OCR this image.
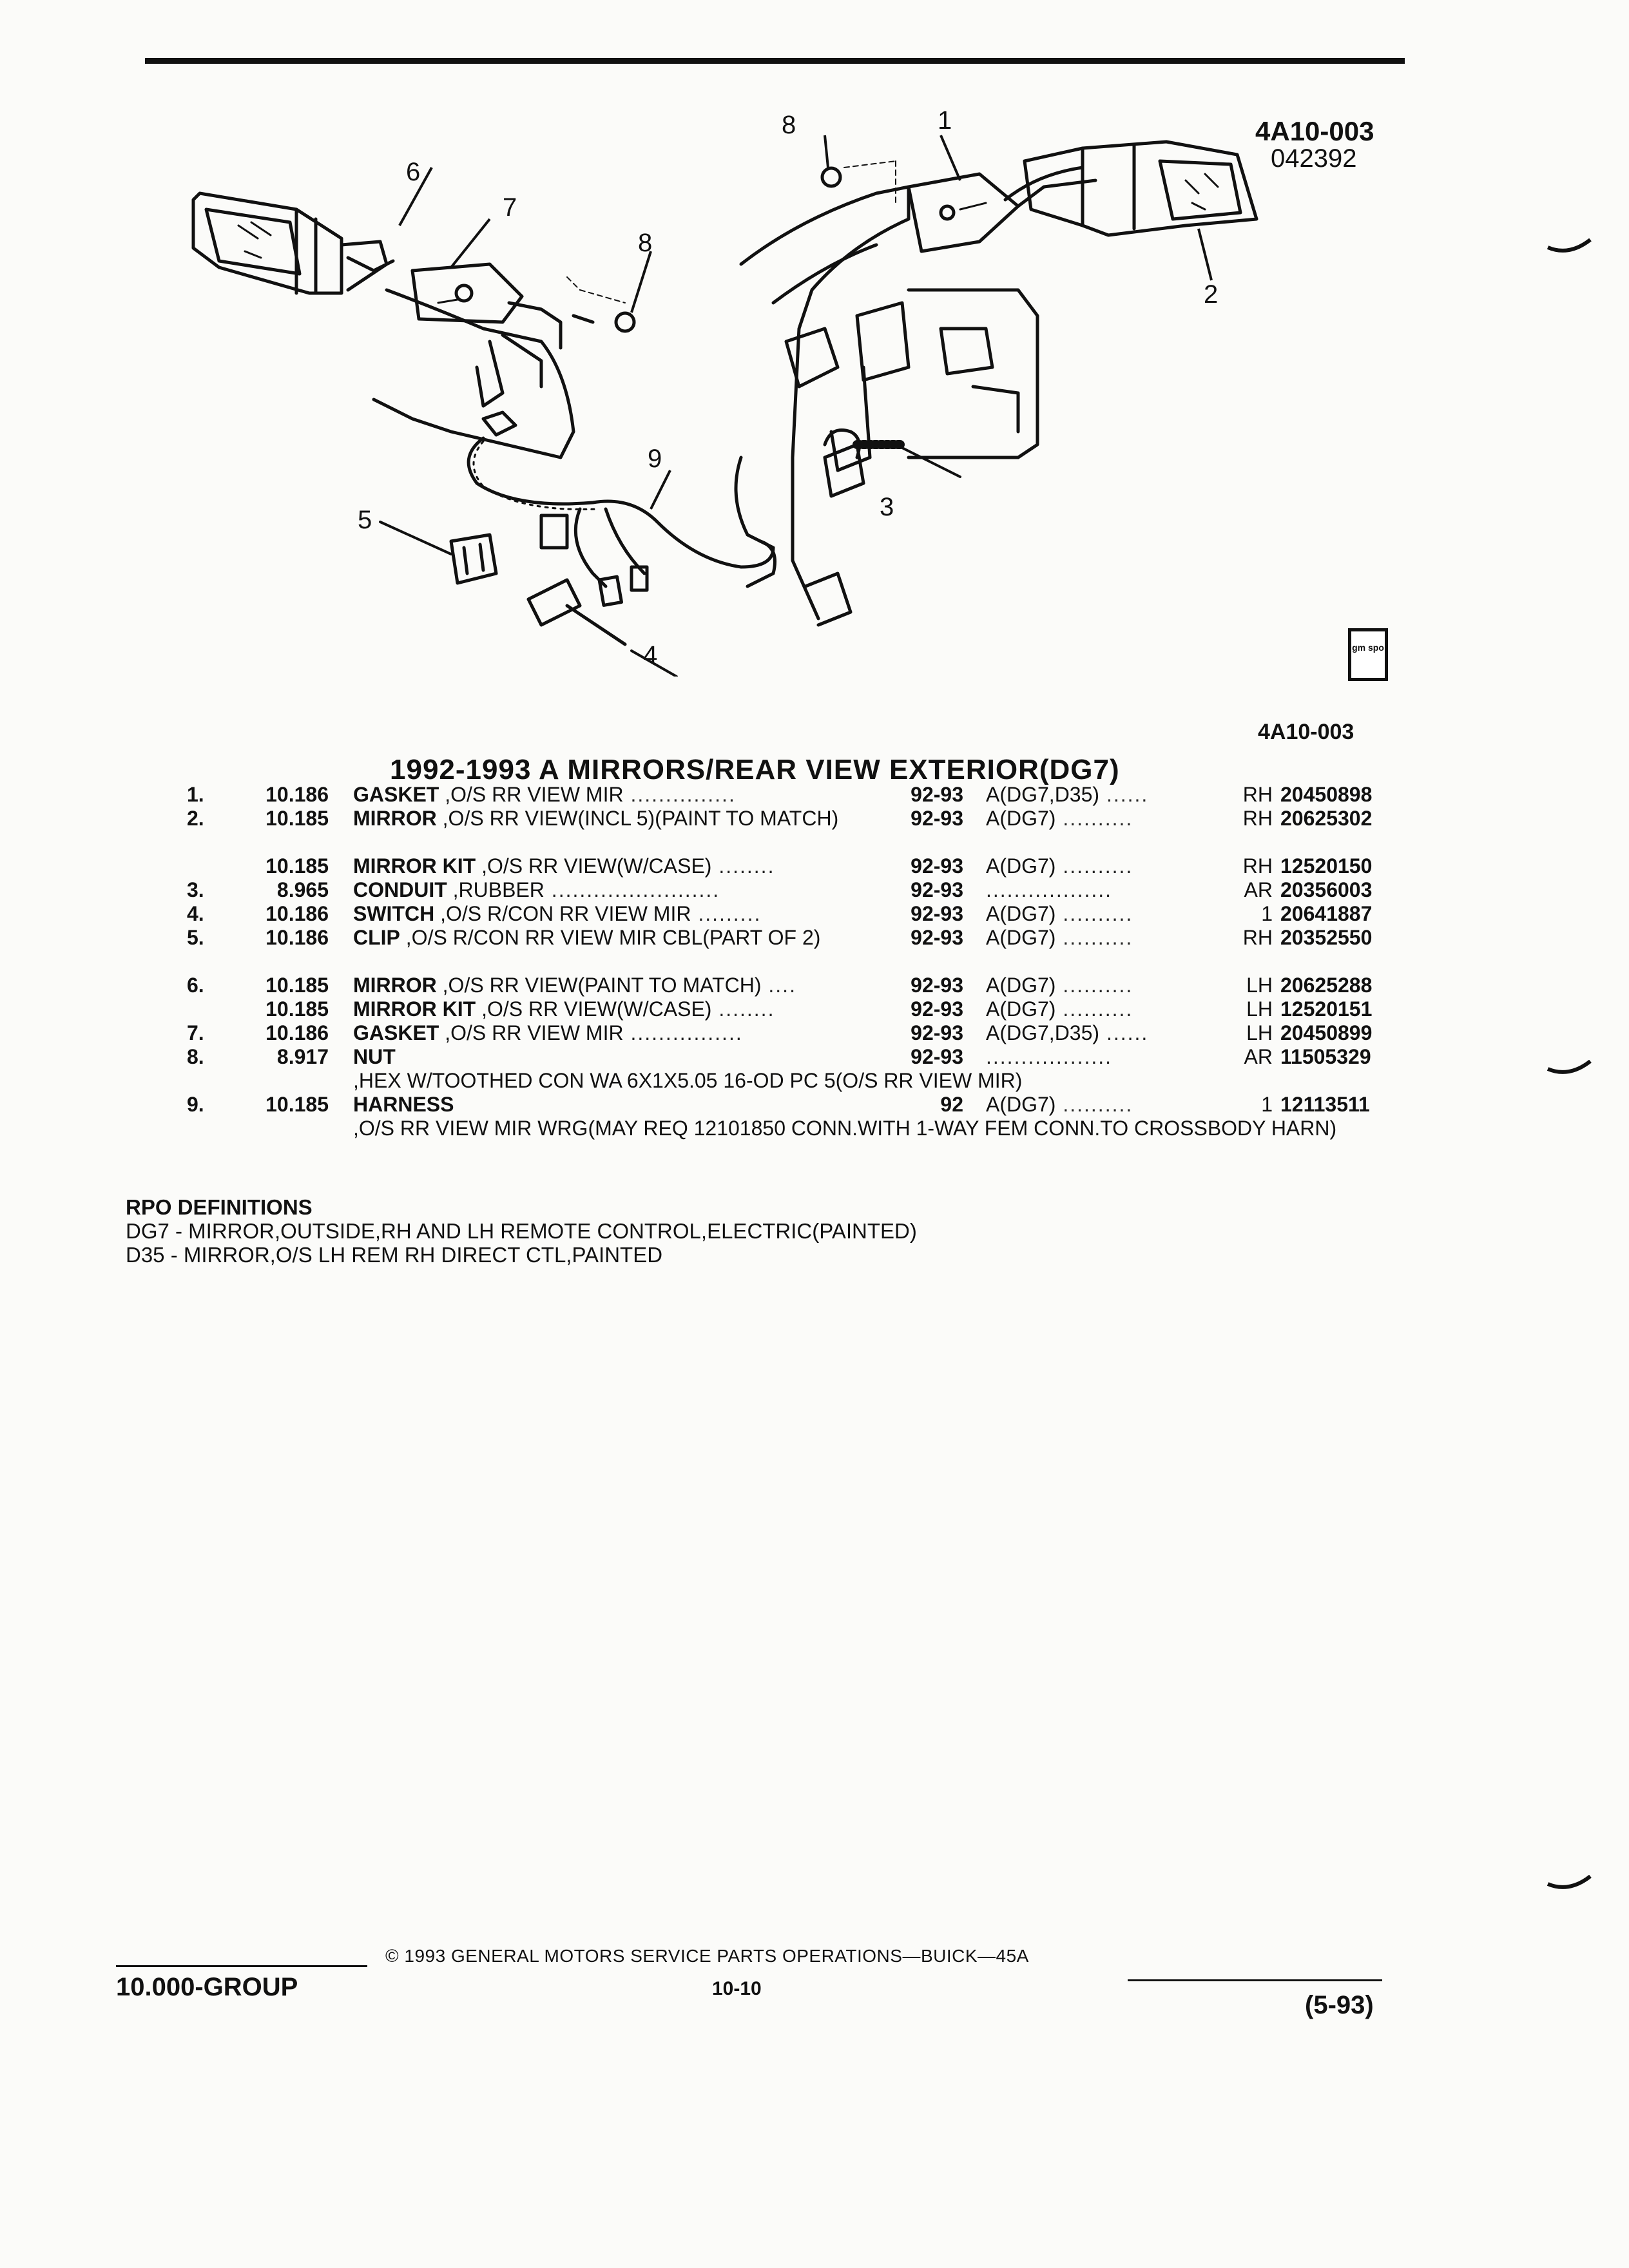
1
2
3
4
5
6
7
8
8
9
4A10-003
042392
gm spo
4A10-003
1992-1993 A MIRRORS/REAR VIEW EXTERIOR(DG7)
1.	10.186 GASKET ,O/S RR VIEW MIR ...............	92-93 A(DG7,D35) ......	RH 20450898
2.	10.185 MIRROR ,O/S RR VIEW(INCL 5)(PAINT TO MATCH)	92-93 A(DG7) ..........	RH 20625302
10.185 MIRROR KIT ,O/S RR VIEW(W/CASE) ........	92-93 A(DG7) ..........	RH 12520150
3.	8.965 CONDUIT ,RUBBER ........................	92-93 ..................	AR 20356003
4.	10.186 SWITCH ,O/S R/CON RR VIEW MIR .........	92-93 A(DG7) ..........	1 20641887
5.	10.186 CLIP ,O/S R/CON RR VIEW MIR CBL(PART OF 2)	92-93 A(DG7) ..........	RH 20352550
6.	10.185 MIRROR ,O/S RR VIEW(PAINT TO MATCH) ....	92-93 A(DG7) ..........	LH 20625288
10.185 MIRROR KIT ,O/S RR VIEW(W/CASE) ........	92-93 A(DG7) ..........	LH 12520151
7.	10.186 GASKET ,O/S RR VIEW MIR ................	92-93 A(DG7,D35) ......	LH 20450899
8.	8.917 NUT ,HEX W/TOOTHED CON WA 6X1X5.05 16-OD PC 5(O/S RR VIEW MIR)
92-93 ..................	AR 11505329
9.	10.185 HARNESS ,O/S RR VIEW MIR WRG(MAY REQ 12101850 CONN.WITH 1-WAY FEM CONN.TO CROSSBODY HARN)
92 A(DG7) ..........	1 12113511
RPO DEFINITIONS
DG7 - MIRROR,OUTSIDE,RH AND LH REMOTE CONTROL,ELECTRIC(PAINTED)
D35 - MIRROR,O/S LH REM RH DIRECT CTL,PAINTED
© 1993 GENERAL MOTORS SERVICE PARTS OPERATIONS—BUICK—45A
10.000-GROUP	10-10
(5-93)
